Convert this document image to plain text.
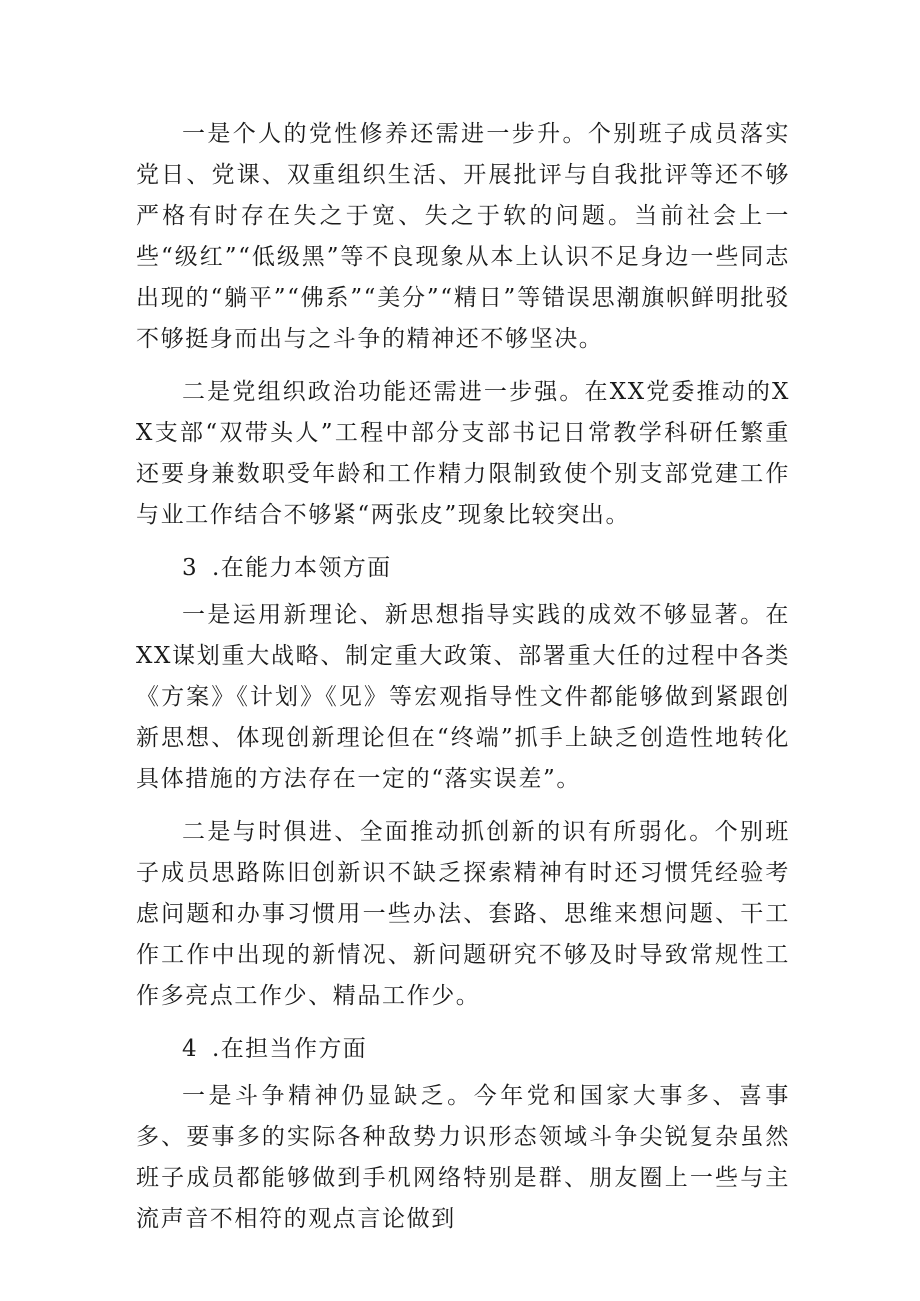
一是个人的党性修养还需进一步升。个别班子成员落实党日、党课、双重组织生活、开展批评与自我批评等还不够严格有时存在失之于宽、失之于软的问题。当前社会上一些“级红”“低级黑”等不良现象从本上认识不足身边一些同志出现的“躺平”“佛系”“美分”“精日”等错误思潮旗帜鲜明批驳不够挺身而出与之斗争的精神还不够坚决。

二是党组织政治功能还需进一步强。在XX党委推动的XX支部“双带头人”工程中部分支部书记日常教学科研任繁重还要身兼数职受年龄和工作精力限制致使个别支部党建工作与业工作结合不够紧“两张皮”现象比较突出。

3 .在能力本领方面

一是运用新理论、新思想指导实践的成效不够显著。在XX谋划重大战略、制定重大政策、部署重大任的过程中各类《方案》《计划》《见》等宏观指导性文件都能够做到紧跟创新思想、体现创新理论但在“终端”抓手上缺乏创造性地转化具体措施的方法存在一定的“落实误差”。

二是与时俱进、全面推动抓创新的识有所弱化。个别班子成员思路陈旧创新识不缺乏探索精神有时还习惯凭经验考虑问题和办事习惯用一些办法、套路、思维来想问题、干工作工作中出现的新情况、新问题研究不够及时导致常规性工作多亮点工作少、精品工作少。

4 .在担当作方面

一是斗争精神仍显缺乏。今年党和国家大事多、喜事多、要事多的实际各种敌势力识形态领域斗争尖锐复杂虽然班子成员都能够做到手机网络特别是群、朋友圈上一些与主流声音不相符的观点言论做到
